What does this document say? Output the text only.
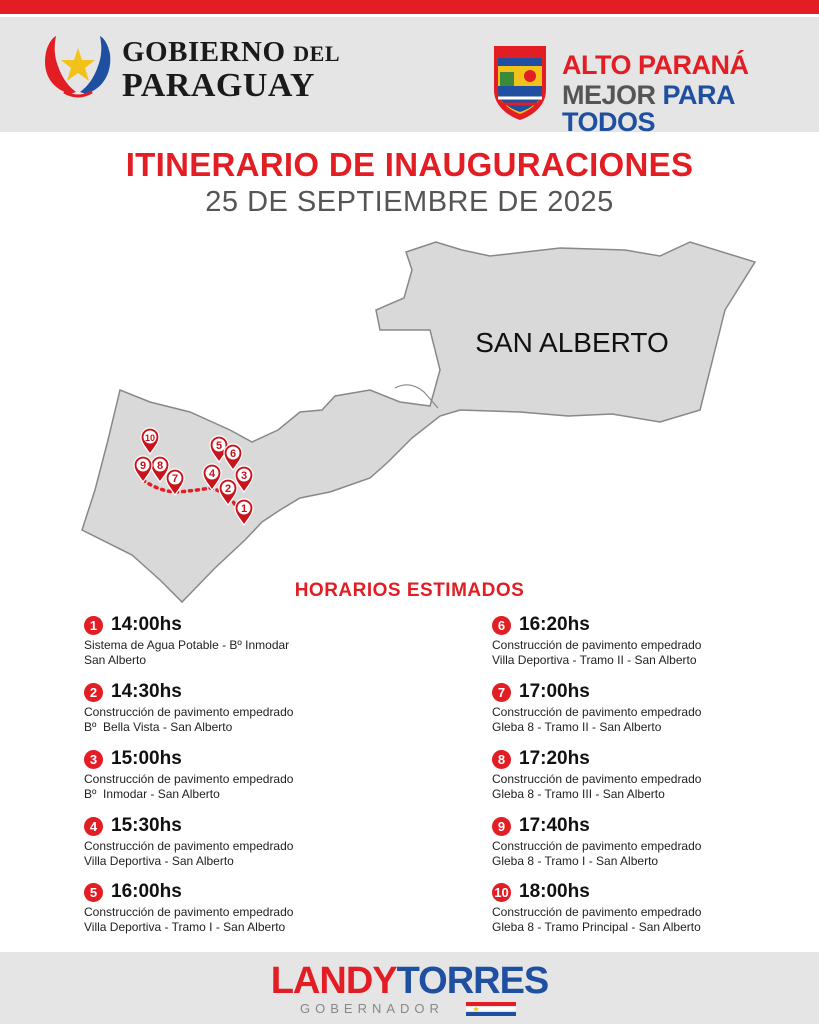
GOBIERNO DEL
PARAGUAY
ALTO PARANÁ
MEJOR PARA TODOS
ITINERARIO DE INAUGURACIONES
25 DE SEPTIEMBRE DE 2025
SAN ALBERTO
1
2
3
4
5
6
7
8
9
10
HORARIOS ESTIMADOS
1 14:00hs
Sistema de Agua Potable - Bº Inmodar
San Alberto
2 14:30hs
Construcción de pavimento empedrado
Bº  Bella Vista - San Alberto
3 15:00hs
Construcción de pavimento empedrado
Bº  Inmodar - San Alberto
4 15:30hs
Construcción de pavimento empedrado
Villa Deportiva - San Alberto
5 16:00hs
Construcción de pavimento empedrado
Villa Deportiva - Tramo I - San Alberto
6 16:20hs
Construcción de pavimento empedrado
Villa Deportiva - Tramo II - San Alberto
7 17:00hs
Construcción de pavimento empedrado
Gleba 8 - Tramo II - San Alberto
8 17:20hs
Construcción de pavimento empedrado
Gleba 8 - Tramo III - San Alberto
9 17:40hs
Construcción de pavimento empedrado
Gleba 8 - Tramo I - San Alberto
10 18:00hs
Construcción de pavimento empedrado
Gleba 8 - Tramo Principal - San Alberto
LANDYTORRES
GOBERNADOR
